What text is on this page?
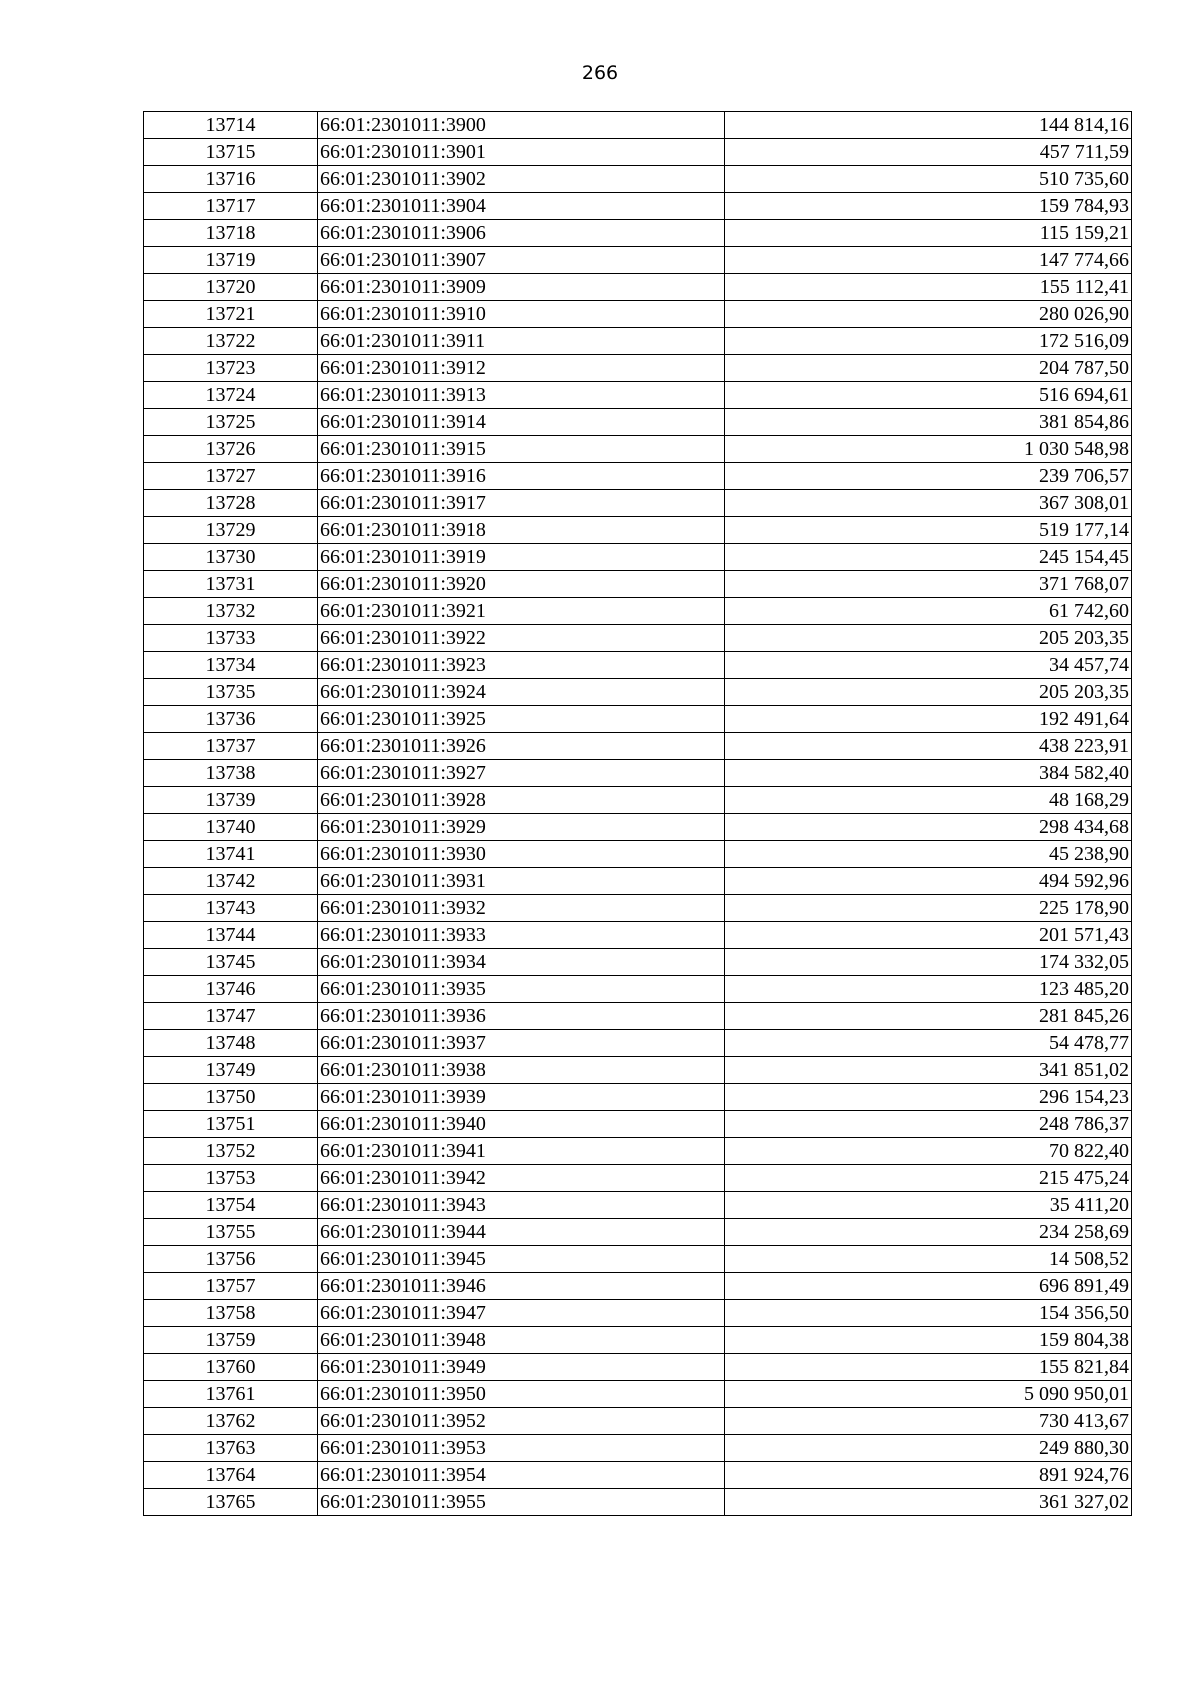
266
13714	66:01:2301011:3900	144 814,16
13715	66:01:2301011:3901	457 711,59
13716	66:01:2301011:3902	510 735,60
13717	66:01:2301011:3904	159 784,93
13718	66:01:2301011:3906	115 159,21
13719	66:01:2301011:3907	147 774,66
13720	66:01:2301011:3909	155 112,41
13721	66:01:2301011:3910	280 026,90
13722	66:01:2301011:3911	172 516,09
13723	66:01:2301011:3912	204 787,50
13724	66:01:2301011:3913	516 694,61
13725	66:01:2301011:3914	381 854,86
13726	66:01:2301011:3915	1 030 548,98
13727	66:01:2301011:3916	239 706,57
13728	66:01:2301011:3917	367 308,01
13729	66:01:2301011:3918	519 177,14
13730	66:01:2301011:3919	245 154,45
13731	66:01:2301011:3920	371 768,07
13732	66:01:2301011:3921	61 742,60
13733	66:01:2301011:3922	205 203,35
13734	66:01:2301011:3923	34 457,74
13735	66:01:2301011:3924	205 203,35
13736	66:01:2301011:3925	192 491,64
13737	66:01:2301011:3926	438 223,91
13738	66:01:2301011:3927	384 582,40
13739	66:01:2301011:3928	48 168,29
13740	66:01:2301011:3929	298 434,68
13741	66:01:2301011:3930	45 238,90
13742	66:01:2301011:3931	494 592,96
13743	66:01:2301011:3932	225 178,90
13744	66:01:2301011:3933	201 571,43
13745	66:01:2301011:3934	174 332,05
13746	66:01:2301011:3935	123 485,20
13747	66:01:2301011:3936	281 845,26
13748	66:01:2301011:3937	54 478,77
13749	66:01:2301011:3938	341 851,02
13750	66:01:2301011:3939	296 154,23
13751	66:01:2301011:3940	248 786,37
13752	66:01:2301011:3941	70 822,40
13753	66:01:2301011:3942	215 475,24
13754	66:01:2301011:3943	35 411,20
13755	66:01:2301011:3944	234 258,69
13756	66:01:2301011:3945	14 508,52
13757	66:01:2301011:3946	696 891,49
13758	66:01:2301011:3947	154 356,50
13759	66:01:2301011:3948	159 804,38
13760	66:01:2301011:3949	155 821,84
13761	66:01:2301011:3950	5 090 950,01
13762	66:01:2301011:3952	730 413,67
13763	66:01:2301011:3953	249 880,30
13764	66:01:2301011:3954	891 924,76
13765	66:01:2301011:3955	361 327,02
